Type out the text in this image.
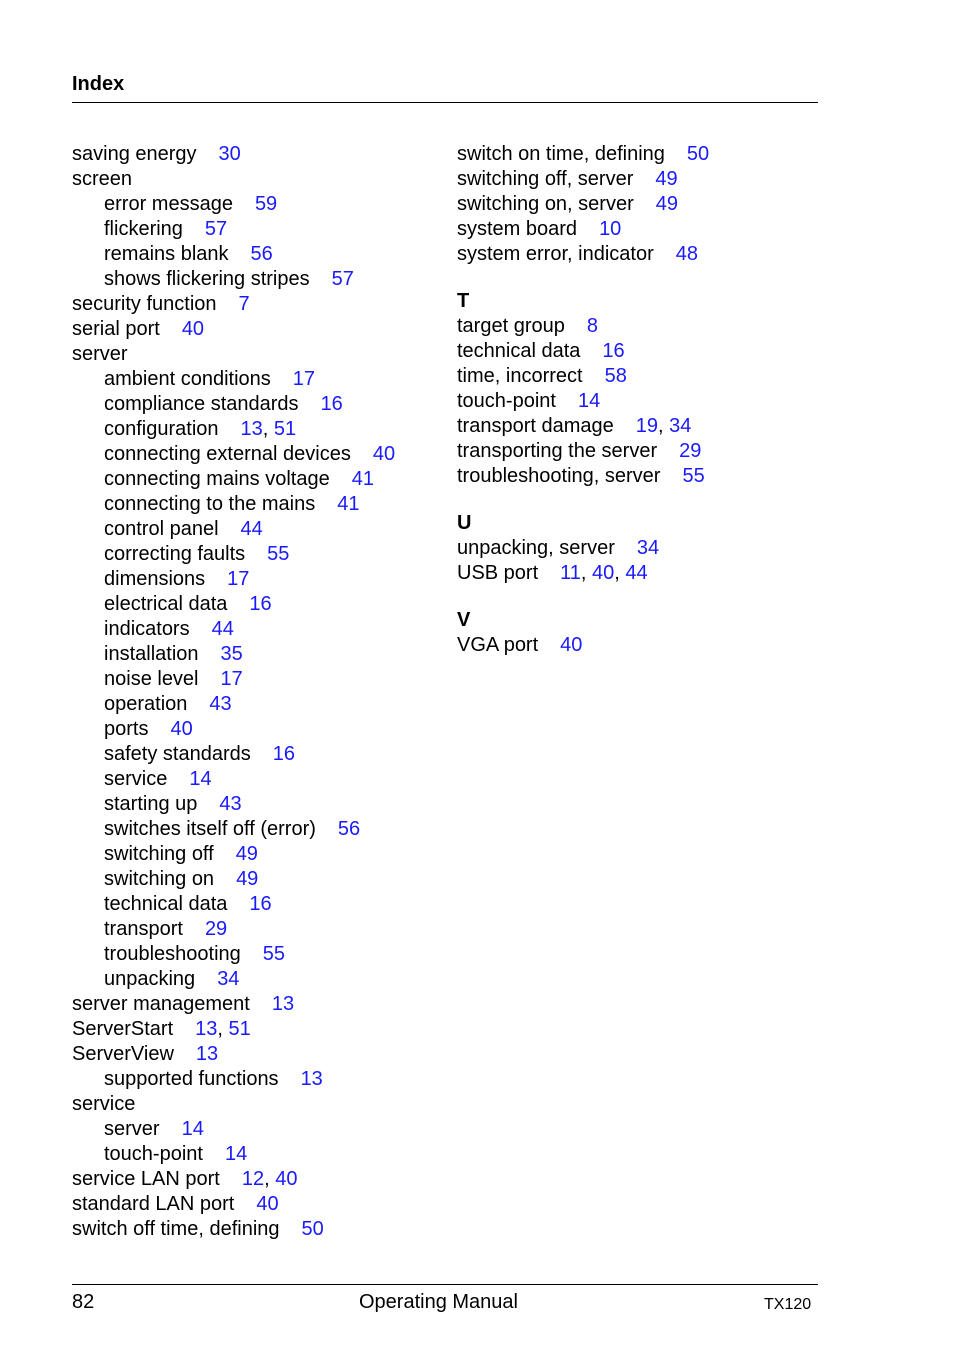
Index
saving energy 30
screen
error message 59
flickering 57
remains blank 56
shows flickering stripes 57
security function 7
serial port 40
server
ambient conditions 17
compliance standards 16
configuration 13, 51
connecting external devices 40
connecting mains voltage 41
connecting to the mains 41
control panel 44
correcting faults 55
dimensions 17
electrical data 16
indicators 44
installation 35
noise level 17
operation 43
ports 40
safety standards 16
service 14
starting up 43
switches itself off (error) 56
switching off 49
switching on 49
technical data 16
transport 29
troubleshooting 55
unpacking 34
server management 13
ServerStart 13, 51
ServerView 13
supported functions 13
service
server 14
touch-point 14
service LAN port 12, 40
standard LAN port 40
switch off time, defining 50
switch on time, defining 50
switching off, server 49
switching on, server 49
system board 10
system error, indicator 48
T
target group 8
technical data 16
time, incorrect 58
touch-point 14
transport damage 19, 34
transporting the server 29
troubleshooting, server 55
U
unpacking, server 34
USB port 11, 40, 44
V
VGA port 40
82	Operating Manual	TX120
